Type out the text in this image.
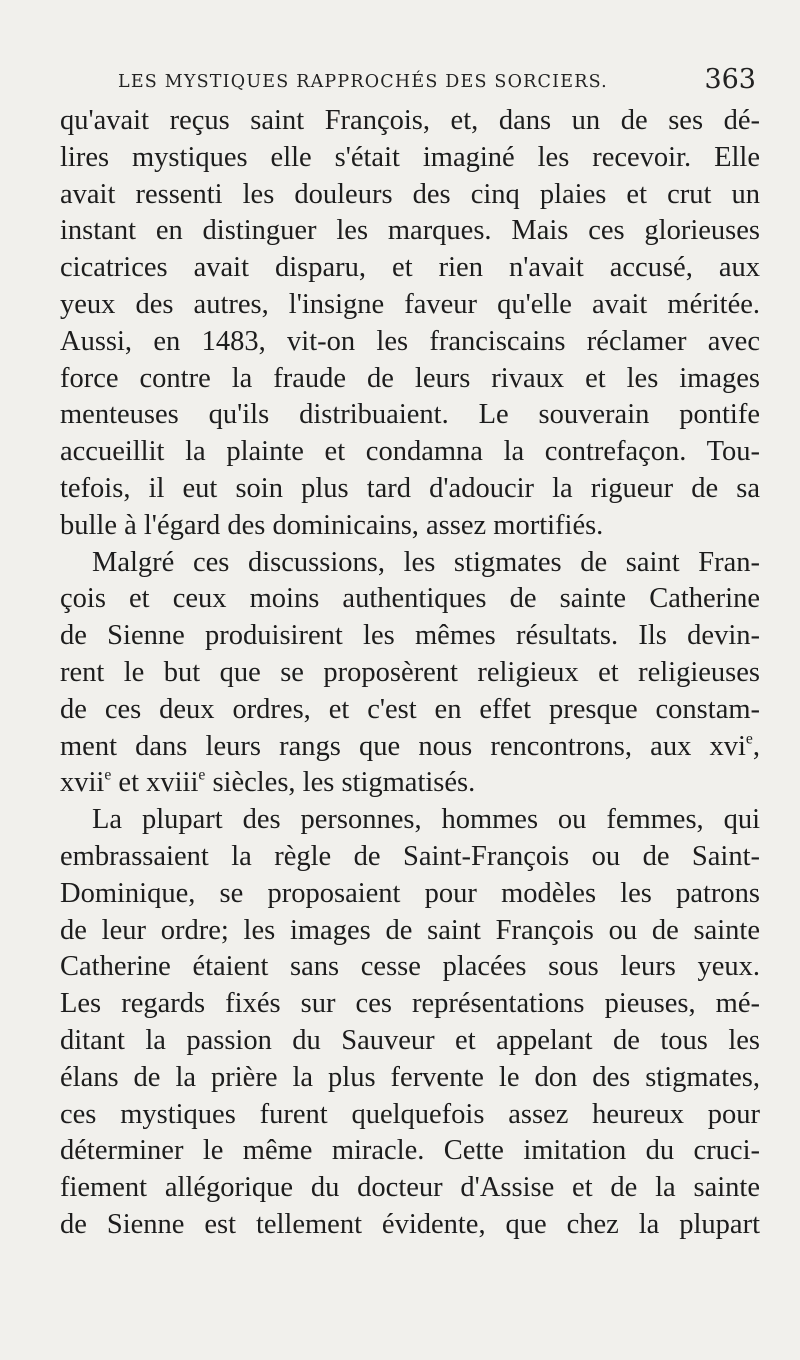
LES MYSTIQUES RAPPROCHÉS DES SORCIERS.	363
qu'avait reçus saint François, et, dans un de ses dé-
lires mystiques elle s'était imaginé les recevoir. Elle
avait ressenti les douleurs des cinq plaies et crut un
instant en distinguer les marques. Mais ces glorieuses
cicatrices avait disparu, et rien n'avait accusé, aux
yeux des autres, l'insigne faveur qu'elle avait méritée.
Aussi, en 1483, vit-on les franciscains réclamer avec
force contre la fraude de leurs rivaux et les images
menteuses qu'ils distribuaient. Le souverain pontife
accueillit la plainte et condamna la contrefaçon. Tou-
tefois, il eut soin plus tard d'adoucir la rigueur de sa
bulle à l'égard des dominicains, assez mortifiés.
Malgré ces discussions, les stigmates de saint Fran-
çois et ceux moins authentiques de sainte Catherine
de Sienne produisirent les mêmes résultats. Ils devin-
rent le but que se proposèrent religieux et religieuses
de ces deux ordres, et c'est en effet presque constam-
ment dans leurs rangs que nous rencontrons, aux xvi$^e$,
xvii$^e$ et xviii$^e$ siècles, les stigmatisés.
La plupart des personnes, hommes ou femmes, qui
embrassaient la règle de Saint-François ou de Saint-
Dominique, se proposaient pour modèles les patrons
de leur ordre; les images de saint François ou de sainte
Catherine étaient sans cesse placées sous leurs yeux.
Les regards fixés sur ces représentations pieuses, mé-
ditant la passion du Sauveur et appelant de tous les
élans de la prière la plus fervente le don des stigmates,
ces mystiques furent quelquefois assez heureux pour
déterminer le même miracle. Cette imitation du cruci-
fiement allégorique du docteur d'Assise et de la sainte
de Sienne est tellement évidente, que chez la plupart
